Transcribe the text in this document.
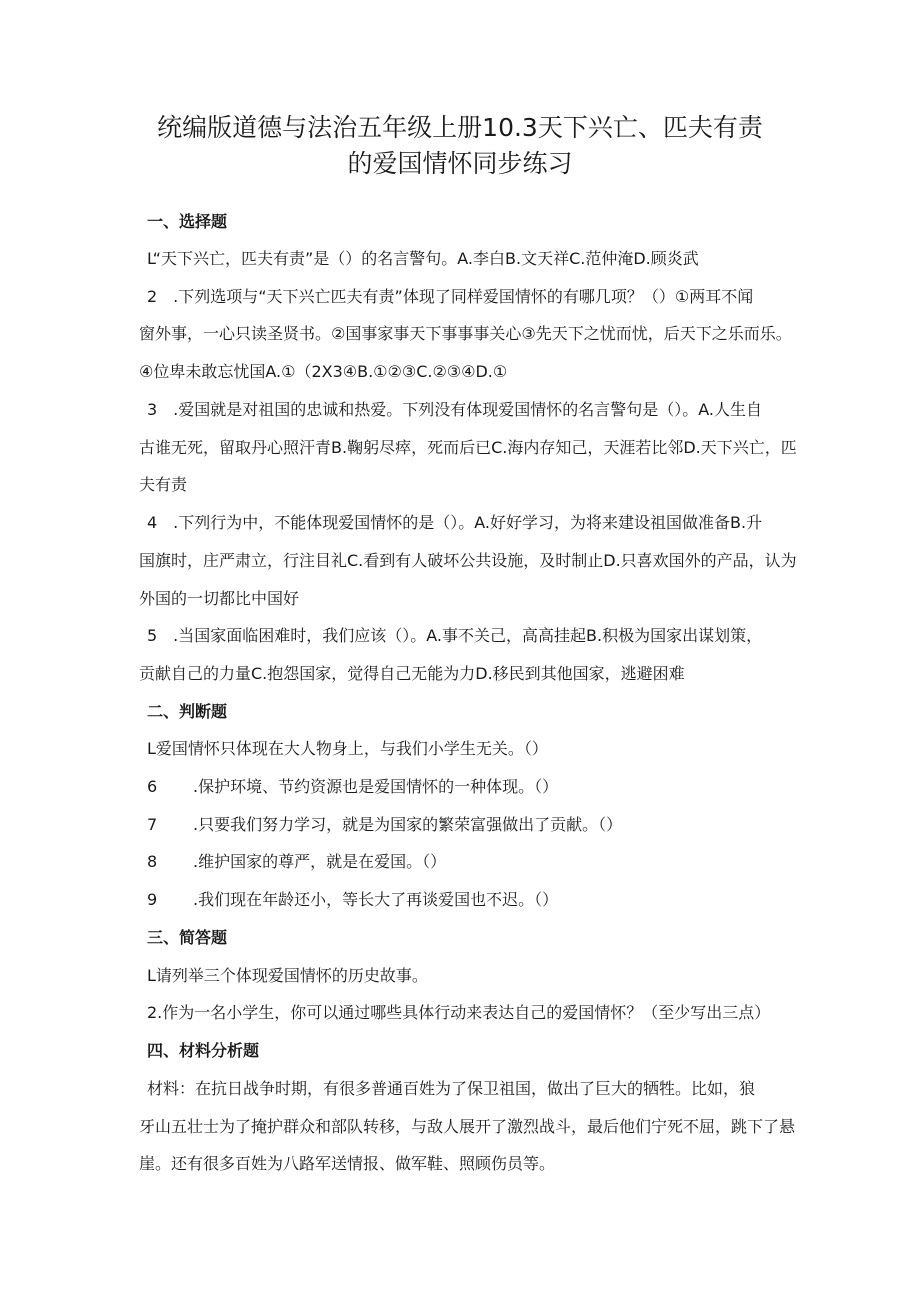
统编版道德与法治五年级上册10.3天下兴亡、匹夫有责
的爱国情怀同步练习

一、选择题

L“天下兴亡，匹夫有责”是（）的名言警句。A.李白B.文天祥C.范仲淹D.顾炎武

2　.下列选项与“天下兴亡匹夫有责”体现了同样爱国情怀的有哪几项？（）①两耳不闻

窗外事，一心只读圣贤书。②国事家事天下事事事关心③先天下之忧而忧，后天下之乐而乐。

④位卑未敢忘忧国A.①（2X3④B.①②③C.②③④D.①

3　.爱国就是对祖国的忠诚和热爱。下列没有体现爱国情怀的名言警句是（）。A.人生自

古谁无死，留取丹心照汗青B.鞠躬尽瘁，死而后已C.海内存知己，天涯若比邻D.天下兴亡，匹

夫有责

4　.下列行为中，不能体现爱国情怀的是（）。A.好好学习，为将来建设祖国做准备B.升

国旗时，庄严肃立，行注目礼C.看到有人破坏公共设施，及时制止D.只喜欢国外的产品，认为

外国的一切都比中国好

5　.当国家面临困难时，我们应该（）。A.事不关己，高高挂起B.积极为国家出谋划策，

贡献自己的力量C.抱怨国家，觉得自己无能为力D.移民到其他国家，逃避困难

二、判断题

L爱国情怀只体现在大人物身上，与我们小学生无关。（）

6 .保护环境、节约资源也是爱国情怀的一种体现。（）

7 .只要我们努力学习，就是为国家的繁荣富强做出了贡献。（）

8 .维护国家的尊严，就是在爱国。（）

9 .我们现在年龄还小，等长大了再谈爱国也不迟。（）

三、简答题

L请列举三个体现爱国情怀的历史故事。

2.作为一名小学生，你可以通过哪些具体行动来表达自己的爱国情怀？（至少写出三点）

四、材料分析题

材料：在抗日战争时期，有很多普通百姓为了保卫祖国，做出了巨大的牺牲。比如，狼

牙山五壮士为了掩护群众和部队转移，与敌人展开了激烈战斗，最后他们宁死不屈，跳下了悬

崖。还有很多百姓为八路军送情报、做军鞋、照顾伤员等。
